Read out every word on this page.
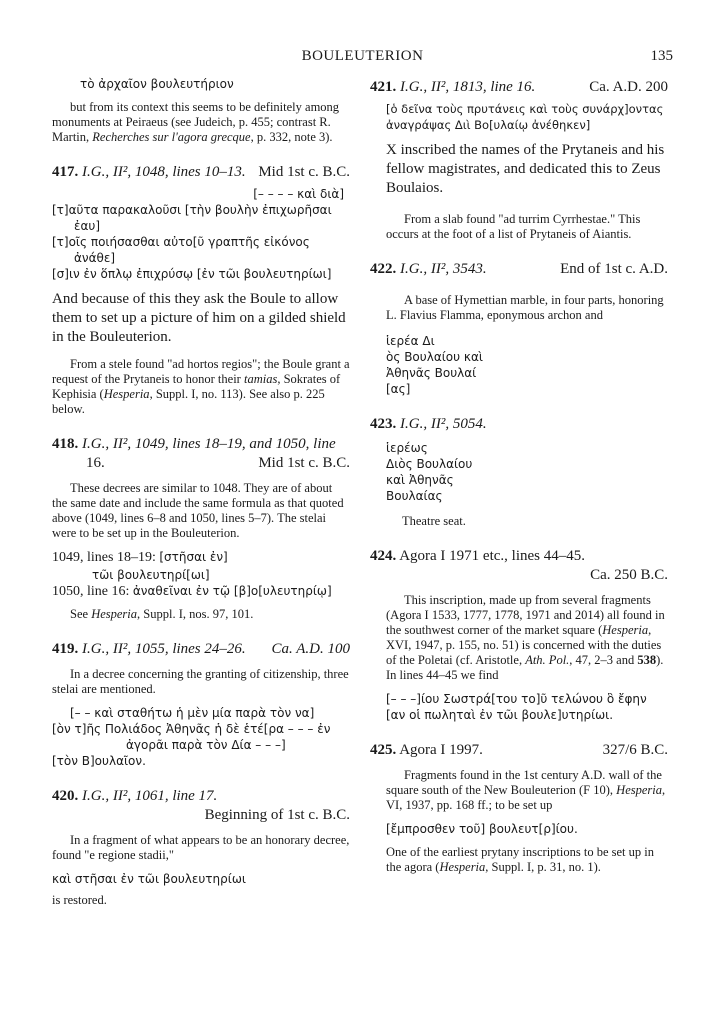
BOULEUTERION	135

τὸ ἀρχαῖον βουλευτήριον

but from its context this seems to be definitely among monuments at Peiraeus (see Judeich, p. 455; contrast R. Martin, Recherches sur l'agora grecque, p. 332, note 3).

417. I.G., II², 1048, lines 10–13. Mid 1st c. B.C.

[– – – – καὶ διὰ]

[τ]αῦτα παρακαλοῦσι [τὴν βουλὴν ἐπιχωρῆσαι

ἐαυ]

[τ]οῖς ποιήσασθαι αὐτο[ῦ γραπτῆς εἰκόνος

ἀνάθε]

[σ]ιν ἐν ὅπλῳ ἐπιχρύσῳ [ἐν τῶι βουλευτηρίωι]

And because of this they ask the Boule to allow them to set up a picture of him on a gilded shield in the Bouleuterion.

From a stele found "ad hortos regios"; the Boule grant a request of the Prytaneis to honor their tamias, Sokrates of Kephisia (Hesperia, Suppl. I, no. 113). See also p. 225 below.

418. I.G., II², 1049, lines 18–19, and 1050, line

16.	Mid 1st c. B.C.

These decrees are similar to 1048. They are of about the same date and include the same formula as that quoted above (1049, lines 6–8 and 1050, lines 5–7). The stelai were to be set up in the Bouleuterion.

1049, lines 18–19: [στῆσαι ἐν]

τῶι βουλευτηρί[ωι]

1050, line 16: ἀναθεῖναι ἐν τῷ [β]ο[υλευτηρίῳ]

See Hesperia, Suppl. I, nos. 97, 101.

419. I.G., II², 1055, lines 24–26. Ca. A.D. 100

In a decree concerning the granting of citizenship, three stelai are mentioned.

[– – καὶ σταθήτω ἡ μὲν μία παρὰ τὸν να]

[ὸν τ]ῆς Πολιάδος Ἀθηνᾶς ἡ δὲ ἑτέ[ρα – – – ἐν

ἀγορᾶι παρὰ τὸν Δία – – –]

[τὸν Β]ουλαῖον.

420. I.G., II², 1061, line 17.

Beginning of 1st c. B.C.

In a fragment of what appears to be an honorary decree, found "e regione stadii,"

καὶ στῆσαι ἐν τῶι βουλευτηρίωι

is restored.

421. I.G., II², 1813, line 16.	Ca. A.D. 200

[ὁ δεῖνα τοὺς πρυτάνεις καὶ τοὺς συνάρχ]οντας

ἀναγράψας Διὶ Βο[υλαίῳ ἀνέθηκεν]

X inscribed the names of the Prytaneis and his fellow magistrates, and dedicated this to Zeus Boulaios.

From a slab found "ad turrim Cyrrhestae." This occurs at the foot of a list of Prytaneis of Aiantis.

422. I.G., II², 3543.	End of 1st c. A.D.

A base of Hymettian marble, in four parts, honoring L. Flavius Flamma, eponymous archon and

ἱερέα Δι

ὸς Βουλαίου καὶ

Ἀθηνᾶς Βουλαί

[ας]

423. I.G., II², 5054.

ἱερέως

Διὸς Βουλαίου

καὶ Ἀθηνᾶς

Βουλαίας

Theatre seat.

424. Agora I 1971 etc., lines 44–45.

Ca. 250 B.C.

This inscription, made up from several fragments (Agora I 1533, 1777, 1778, 1971 and 2014) all found in the southwest corner of the market square (Hesperia, XVI, 1947, p. 155, no. 51) is concerned with the duties of the Poletai (cf. Aristotle, Ath. Pol., 47, 2–3 and 538). In lines 44–45 we find

[– – –]ίου Σωστρά[του το]ῦ τελώνου ὃ ἔφην

[αν οἱ πωληταὶ ἐν τῶι βουλε]υτηρίωι.

425. Agora I 1997.	327/6 B.C.

Fragments found in the 1st century A.D. wall of the square south of the New Bouleuterion (F 10), Hesperia, VI, 1937, pp. 168 ff.; to be set up

[ἔμπροσθεν τοῦ] βουλευτ[ρ]ίου.

One of the earliest prytany inscriptions to be set up in the agora (Hesperia, Suppl. I, p. 31, no. 1).
